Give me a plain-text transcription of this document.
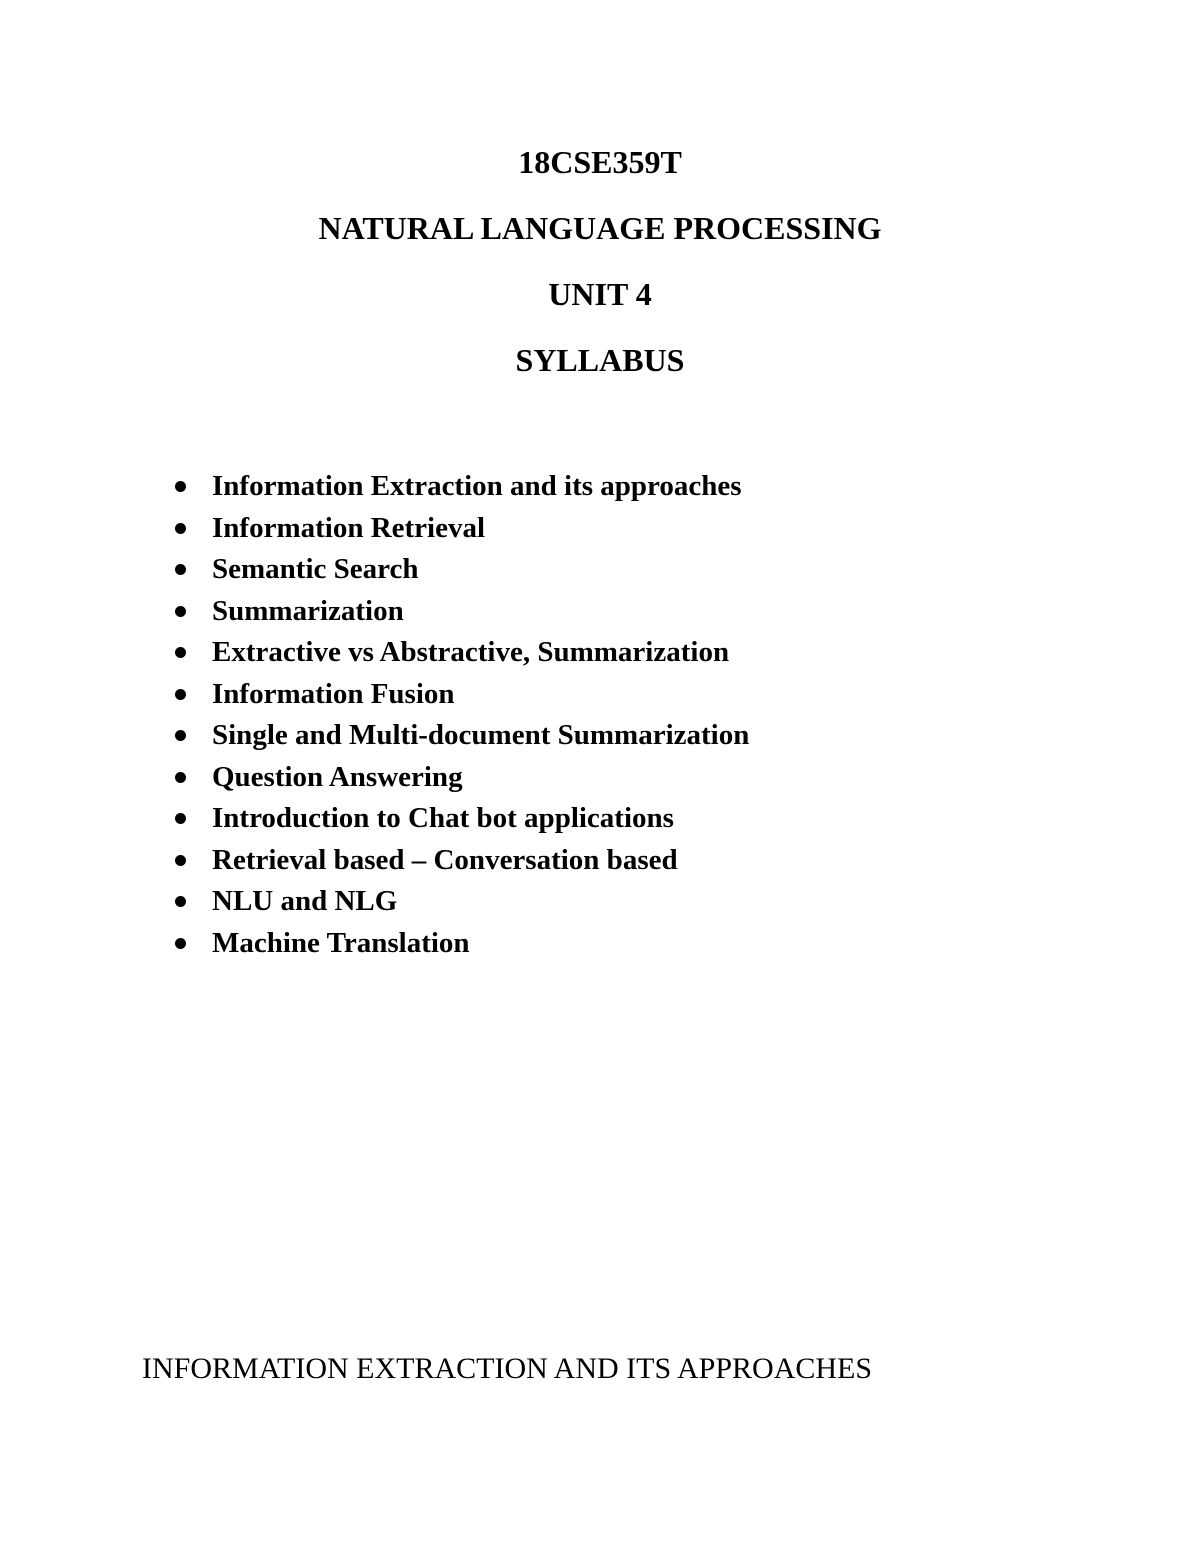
18CSE359T
NATURAL LANGUAGE PROCESSING
UNIT 4
SYLLABUS
Information Extraction and its approaches
Information Retrieval
Semantic Search
Summarization
Extractive vs Abstractive, Summarization
Information Fusion
Single and Multi-document Summarization
Question Answering
Introduction to Chat bot applications
Retrieval based – Conversation based
NLU and NLG
Machine Translation
INFORMATION EXTRACTION AND ITS APPROACHES
